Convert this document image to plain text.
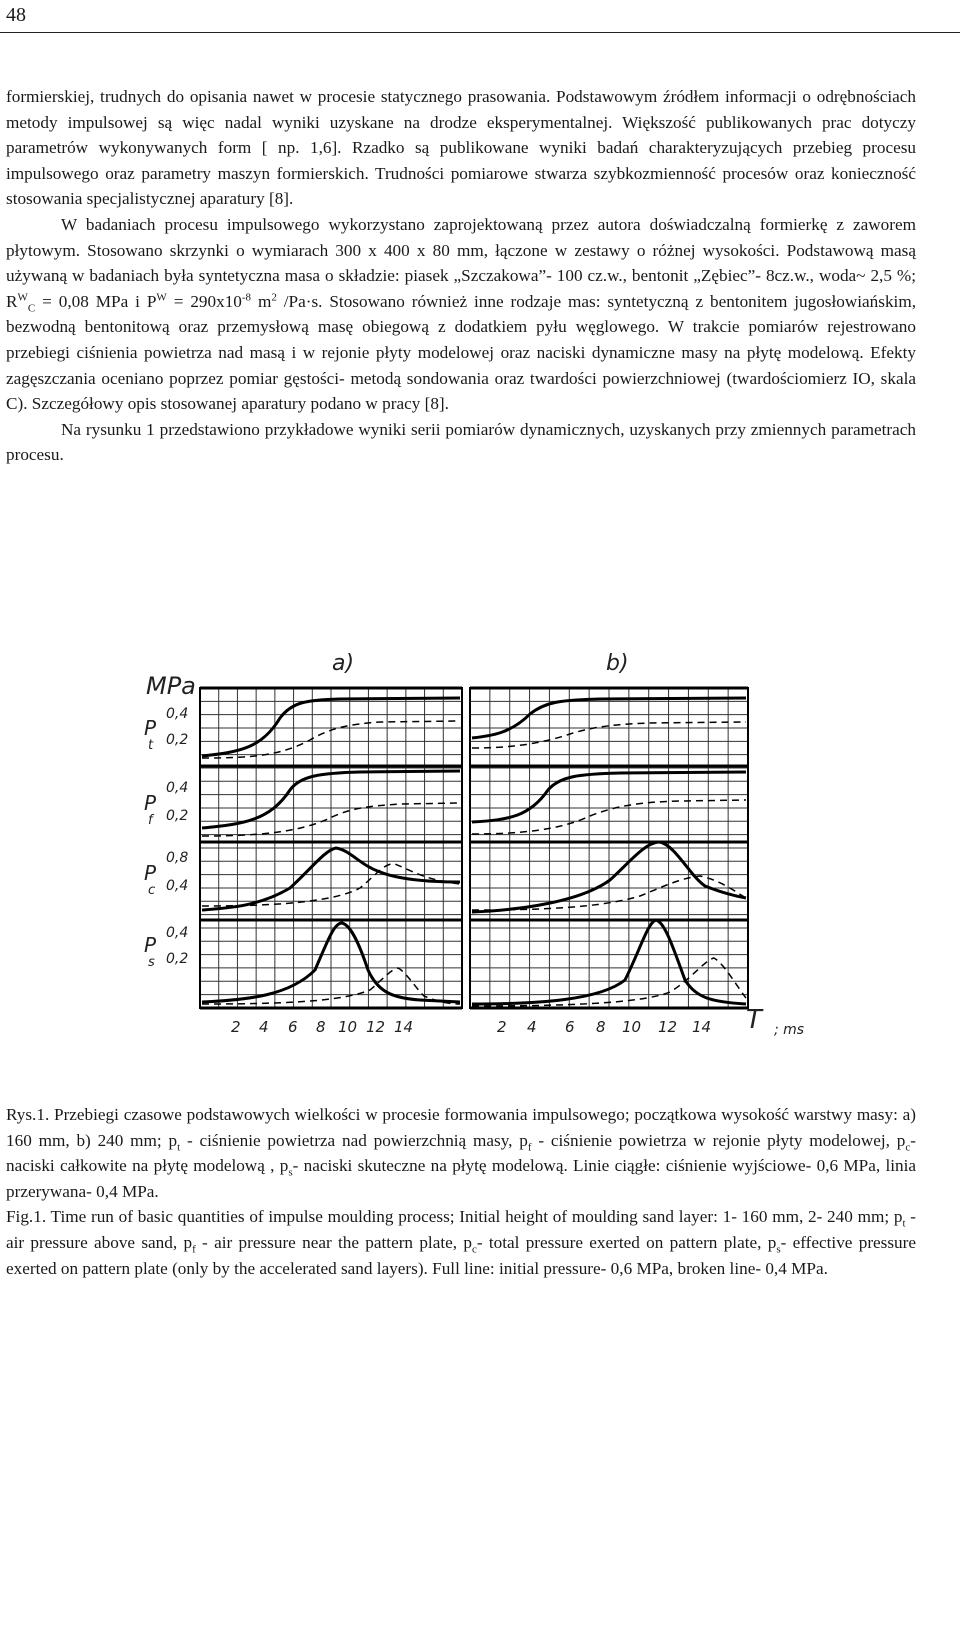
48

formierskiej, trudnych do opisania nawet w procesie statycznego prasowania. Podstawowym źródłem informacji o odrębnościach metody impulsowej są więc nadal wyniki uzyskane na drodze eksperymentalnej. Większość publikowanych prac dotyczy parametrów wykonywanych form [ np. 1,6]. Rzadko są publikowane wyniki badań charakteryzujących przebieg procesu impulsowego oraz parametry maszyn formierskich. Trudności pomiarowe stwarza szybkozmienność procesów oraz konieczność stosowania specjalistycznej aparatury [8].

W badaniach procesu impulsowego wykorzystano zaprojektowaną przez autora doświadczalną formierkę z zaworem płytowym. Stosowano skrzynki o wymiarach 300 x 400 x 80 mm, łączone w zestawy o różnej wysokości. Podstawową masą używaną w badaniach była syntetyczna masa o składzie: piasek „Szczakowa”- 100 cz.w., bentonit „Zębiec”- 8cz.w., woda~ 2,5 %; $R^W_C = 0,08$ MPa i $P^W = 290x10^{-8}$ $m^2$ /Pa·s. Stosowano również inne rodzaje mas: syntetyczną z bentonitem jugosłowiańskim, bezwodną bentonitową oraz przemysłową masę obiegową z dodatkiem pyłu węglowego. W trakcie pomiarów rejestrowano przebiegi ciśnienia powietrza nad masą i w rejonie płyty modelowej oraz naciski dynamiczne masy na płytę modelową. Efekty zagęszczania oceniano poprzez pomiar gęstości- metodą sondowania oraz twardości powierzchniowej (twardościomierz IO, skala C). Szczegółowy opis stosowanej aparatury podano w pracy [8].

Na rysunku 1 przedstawiono przykładowe wyniki serii pomiarów dynamicznych, uzyskanych przy zmiennych parametrach procesu.

a)	b)
MPa
P
t
0,4
0,2
P
f
0,4
0,2
P
c
0,8
0,4
P
s
0,4
0,2
2 4 6 8 10 12 14	2 4 6 8 10 12 14 T ; ms

Rys.1. Przebiegi czasowe podstawowych wielkości w procesie formowania impulsowego; początkowa wysokość warstwy masy: a) 160 mm, b) 240 mm; $p_t$ - ciśnienie powietrza nad powierzchnią masy, $p_f$ - ciśnienie powietrza w rejonie płyty modelowej, $p_c-$ naciski całkowite na płytę modelową , $p_s-$ naciski skuteczne na płytę modelową. Linie ciągłe: ciśnienie wyjściowe- 0,6 MPa, linia przerywana- 0,4 MPa.

Fig.1. Time run of basic quantities of impulse moulding process; Initial height of moulding sand layer: 1- 160 mm, 2- 240 mm; $p_t$ - air pressure above sand, $p_f$ - air pressure near the pattern plate, $p_c-$ total pressure exerted on pattern plate, $p_s-$ effective pressure exerted on pattern plate (only by the accelerated sand layers). Full line: initial pressure- 0,6 MPa, broken line- 0,4 MPa.
